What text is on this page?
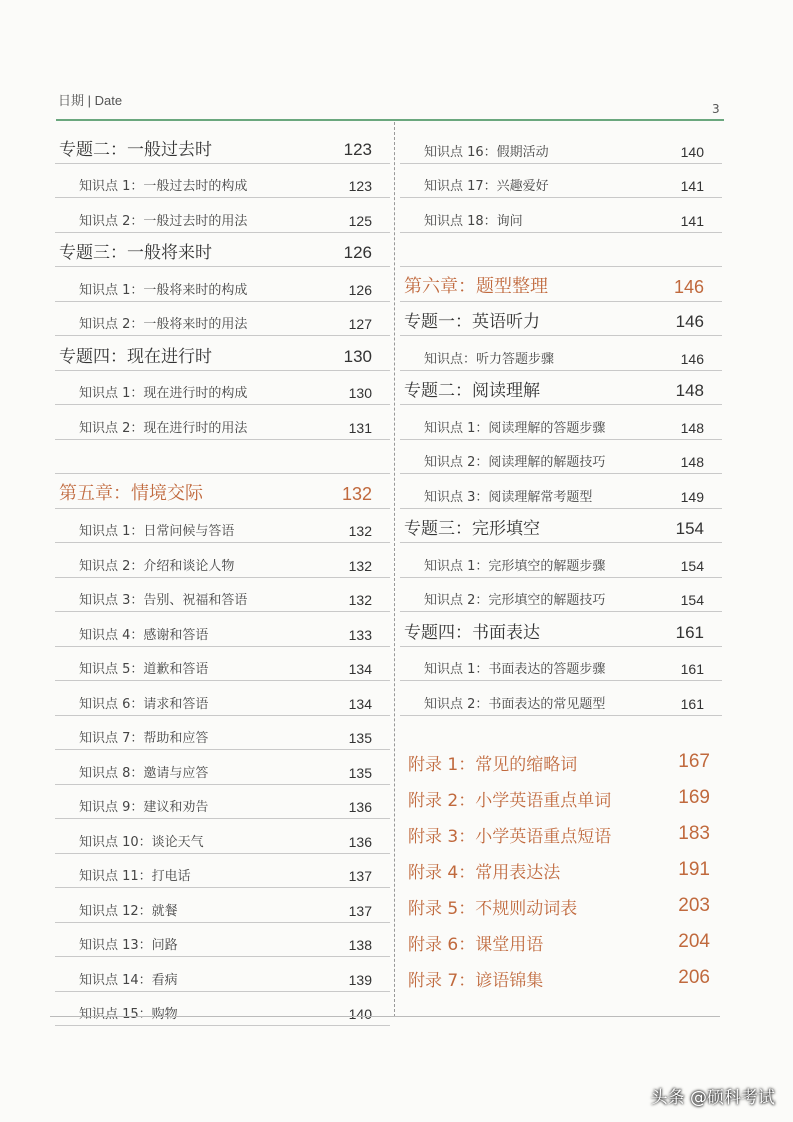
日期 | Date
3
专题二：一般过去时	123
知识点 1：一般过去时的构成	123
知识点 2：一般过去时的用法	125
专题三：一般将来时	126
知识点 1：一般将来时的构成	126
知识点 2：一般将来时的用法	127
专题四：现在进行时	130
知识点 1：现在进行时的构成	130
知识点 2：现在进行时的用法	131
第五章：情境交际	132
知识点 1：日常问候与答语	132
知识点 2：介绍和谈论人物	132
知识点 3：告别、祝福和答语	132
知识点 4：感谢和答语	133
知识点 5：道歉和答语	134
知识点 6：请求和答语	134
知识点 7：帮助和应答	135
知识点 8：邀请与应答	135
知识点 9：建议和劝告	136
知识点 10：谈论天气	136
知识点 11：打电话	137
知识点 12：就餐	137
知识点 13：问路	138
知识点 14：看病	139
知识点 15：购物	140
知识点 16：假期活动	140
知识点 17：兴趣爱好	141
知识点 18：询问	141
第六章：题型整理	146
专题一：英语听力	146
知识点：听力答题步骤	146
专题二：阅读理解	148
知识点 1：阅读理解的答题步骤	148
知识点 2：阅读理解的解题技巧	148
知识点 3：阅读理解常考题型	149
专题三：完形填空	154
知识点 1：完形填空的解题步骤	154
知识点 2：完形填空的解题技巧	154
专题四：书面表达	161
知识点 1：书面表达的答题步骤	161
知识点 2：书面表达的常见题型	161
附录 1：常见的缩略词	167
附录 2：小学英语重点单词	169
附录 3：小学英语重点短语	183
附录 4：常用表达法	191
附录 5：不规则动词表	203
附录 6：课堂用语	204
附录 7：谚语锦集	206
头条 @硕科考试
